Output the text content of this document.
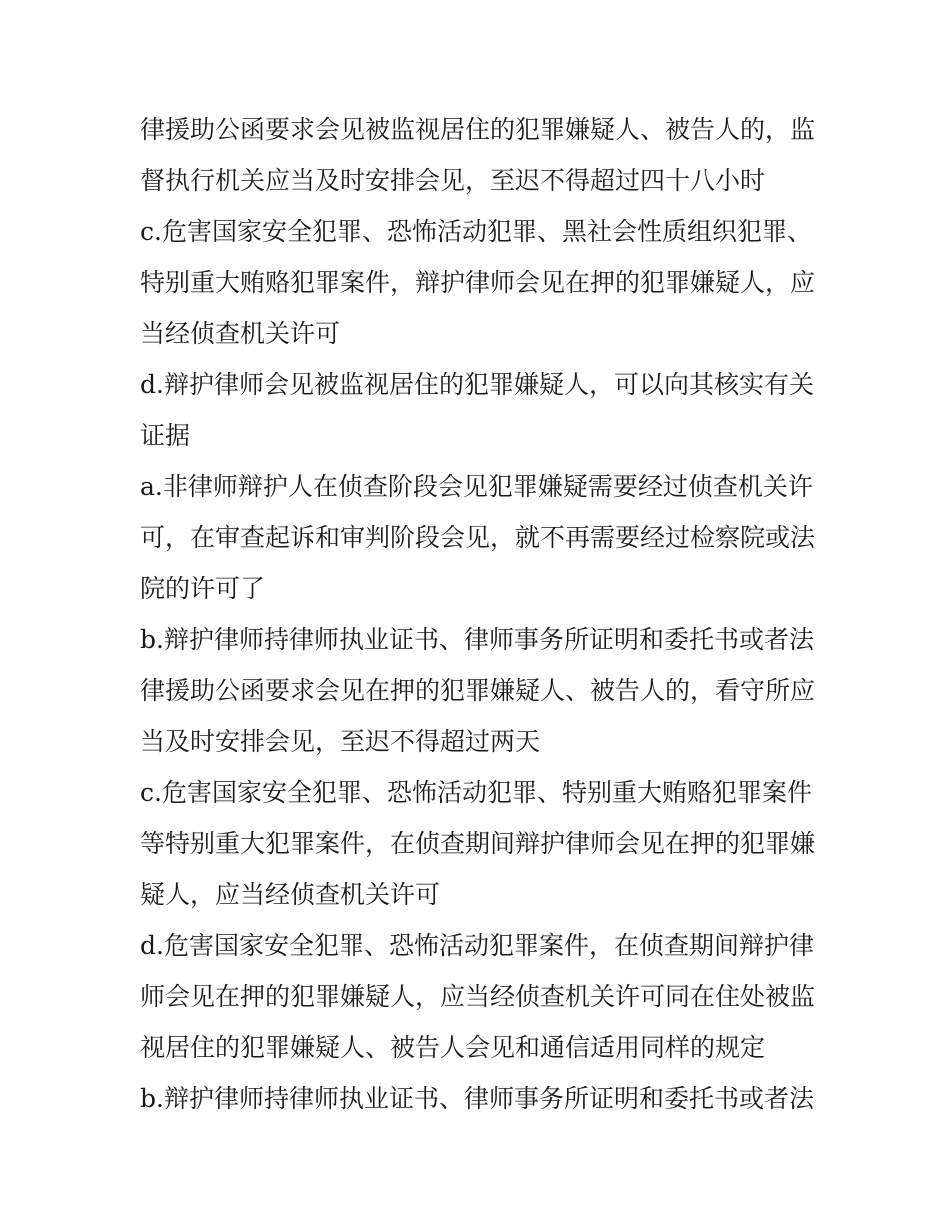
律援助公函要求会见被监视居住的犯罪嫌疑人、被告人的，监
督执行机关应当及时安排会见，至迟不得超过四十八小时
c.危害国家安全犯罪、恐怖活动犯罪、黑社会性质组织犯罪、
特别重大贿赂犯罪案件，辩护律师会见在押的犯罪嫌疑人，应
当经侦查机关许可
d.辩护律师会见被监视居住的犯罪嫌疑人，可以向其核实有关
证据
a.非律师辩护人在侦查阶段会见犯罪嫌疑需要经过侦查机关许
可，在审查起诉和审判阶段会见，就不再需要经过检察院或法
院的许可了
b.辩护律师持律师执业证书、律师事务所证明和委托书或者法
律援助公函要求会见在押的犯罪嫌疑人、被告人的，看守所应
当及时安排会见，至迟不得超过两天
c.危害国家安全犯罪、恐怖活动犯罪、特别重大贿赂犯罪案件
等特别重大犯罪案件，在侦查期间辩护律师会见在押的犯罪嫌
疑人，应当经侦查机关许可
d.危害国家安全犯罪、恐怖活动犯罪案件，在侦查期间辩护律
师会见在押的犯罪嫌疑人，应当经侦查机关许可同在住处被监
视居住的犯罪嫌疑人、被告人会见和通信适用同样的规定
b.辩护律师持律师执业证书、律师事务所证明和委托书或者法
